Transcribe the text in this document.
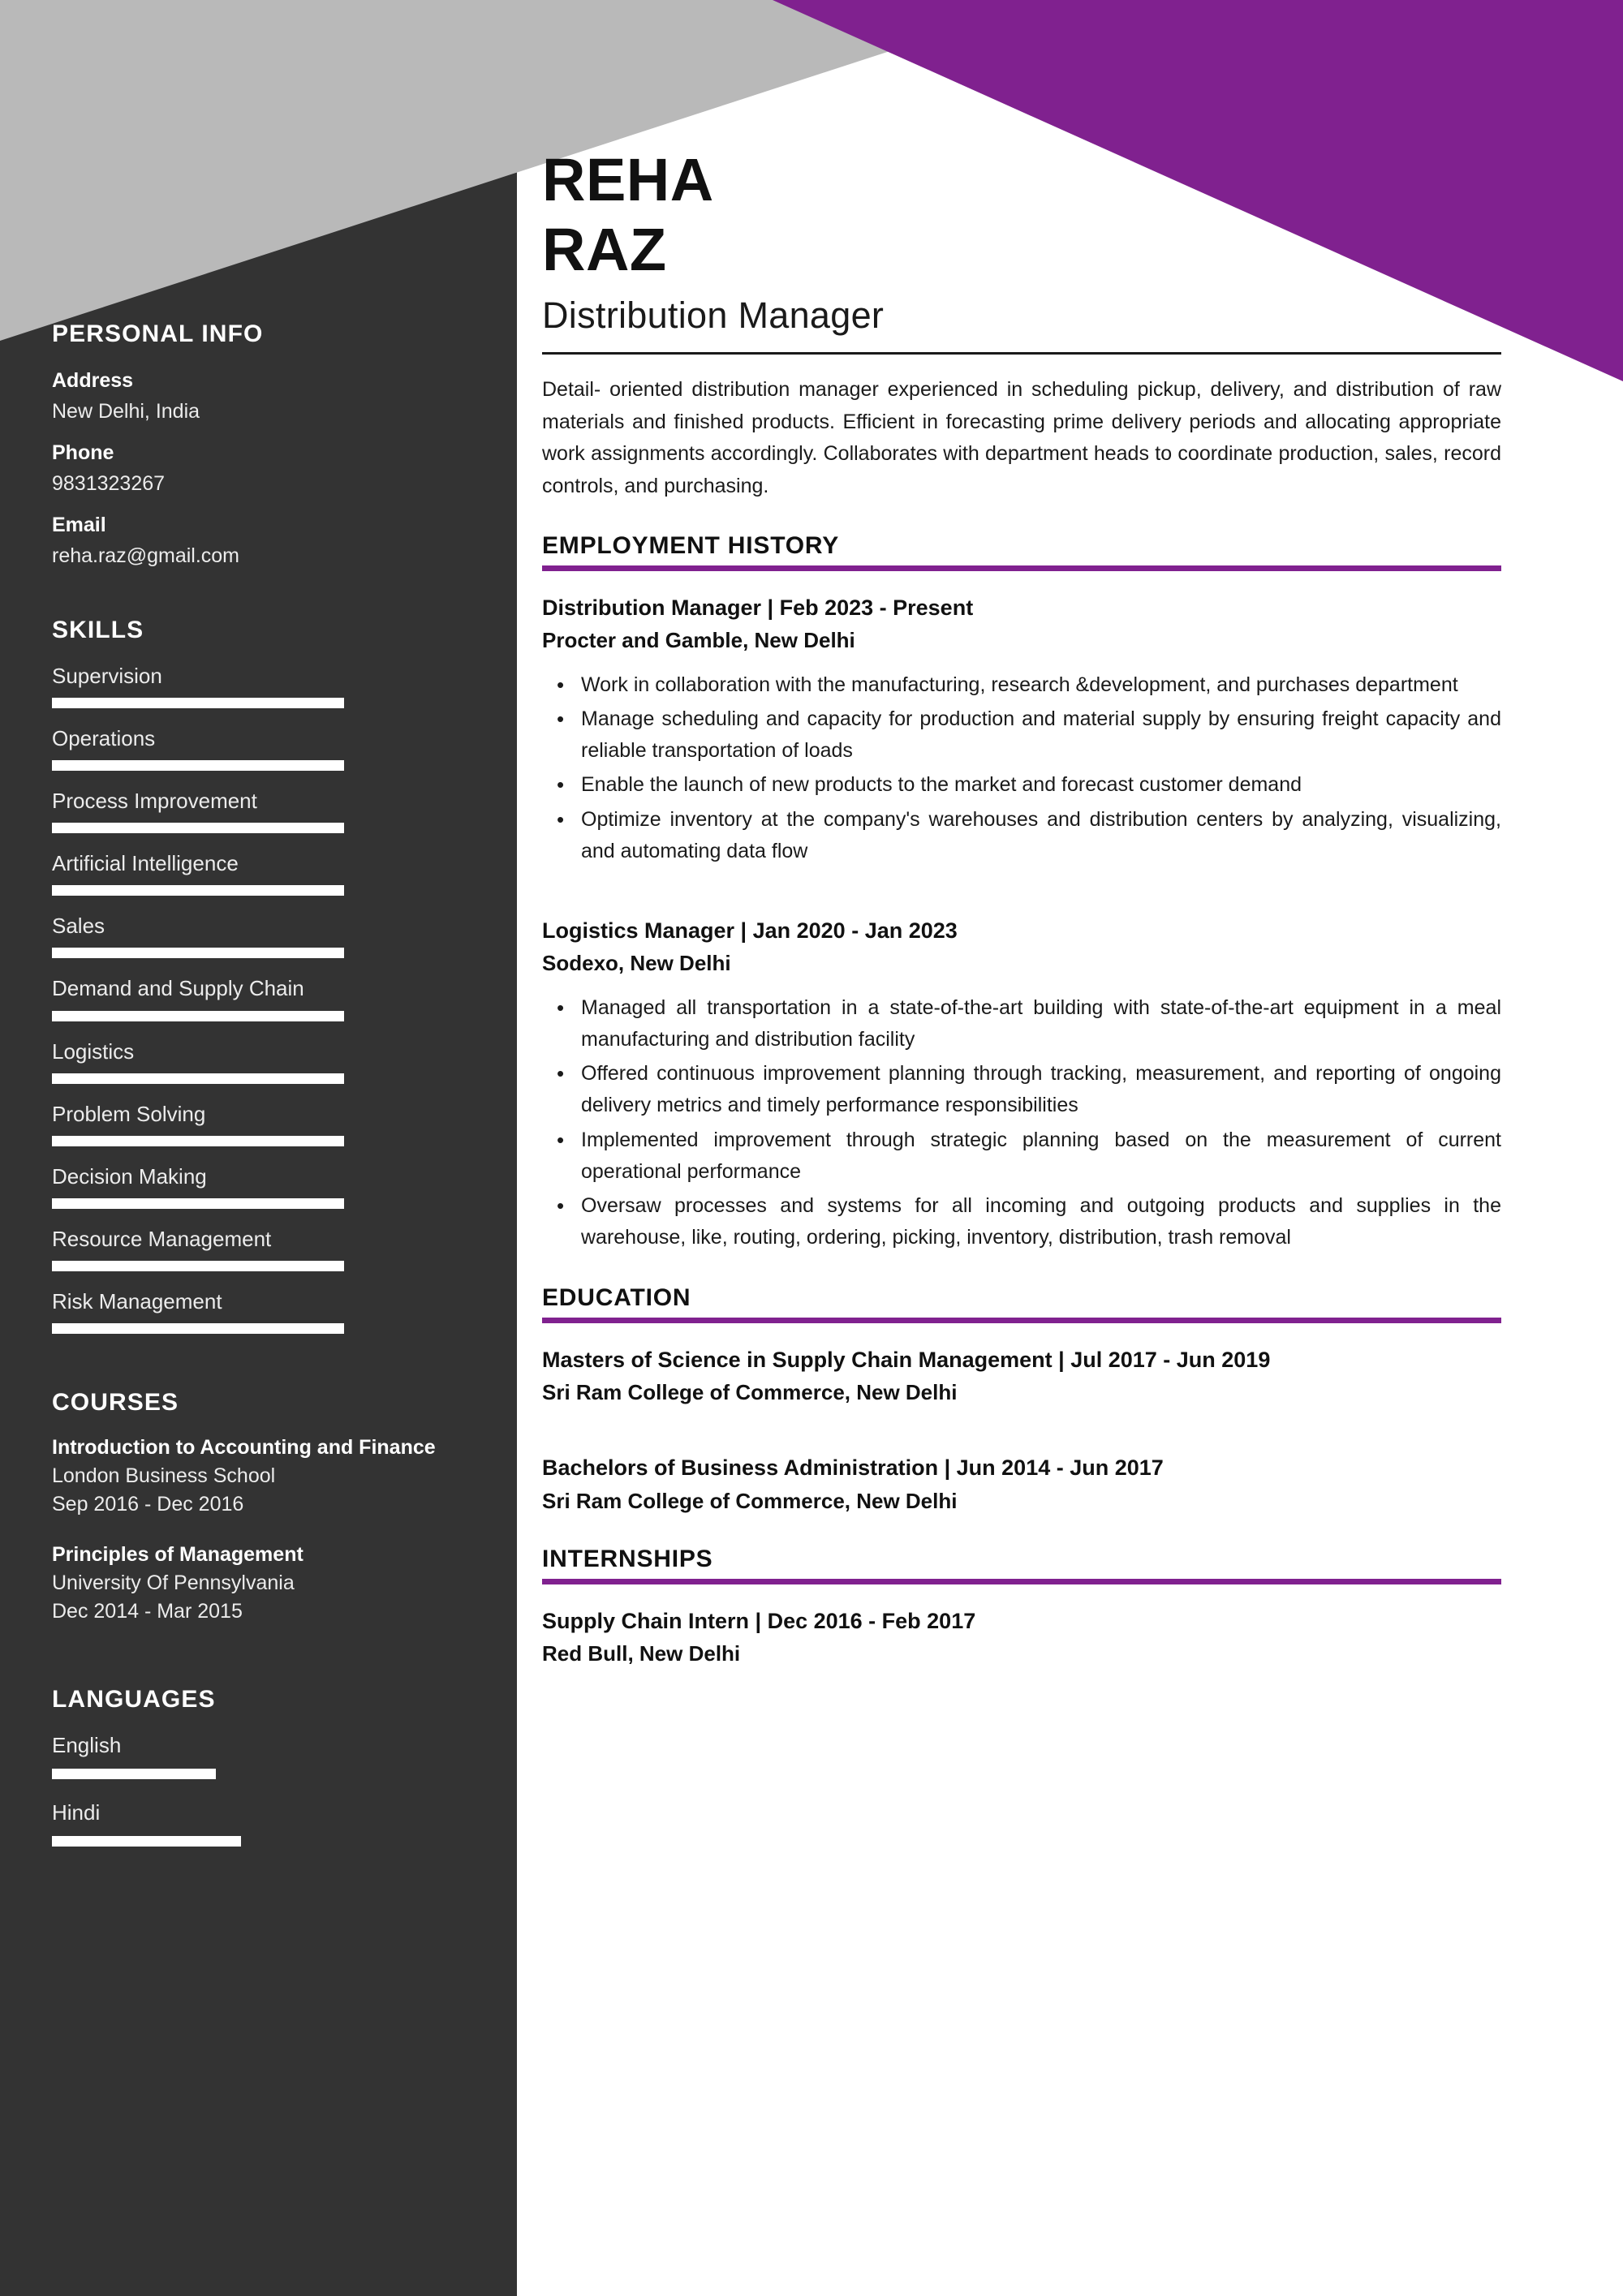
PERSONAL INFO
Address
New Delhi, India
Phone
9831323267
Email
reha.raz@gmail.com
SKILLS
Supervision
Operations
Process Improvement
Artificial Intelligence
Sales
Demand and Supply Chain
Logistics
Problem Solving
Decision Making
Resource Management
Risk Management
COURSES
Introduction to Accounting and Finance
London Business School
Sep 2016 - Dec 2016
Principles of Management
University Of Pennsylvania
Dec 2014 - Mar 2015
LANGUAGES
English
Hindi
REHA
RAZ
Distribution Manager
Detail- oriented distribution manager experienced in scheduling pickup, delivery, and distribution of raw materials and finished products. Efficient in forecasting prime delivery periods and allocating appropriate work assignments accordingly. Collaborates with department heads to coordinate production, sales, record controls, and purchasing.
EMPLOYMENT HISTORY
Distribution Manager | Feb 2023 - Present
Procter and Gamble, New Delhi
• Work in collaboration with the manufacturing, research &development, and purchases department
• Manage scheduling and capacity for production and material supply by ensuring freight capacity and reliable transportation of loads
• Enable the launch of new products to the market and forecast customer demand
• Optimize inventory at the company's warehouses and distribution centers by analyzing, visualizing, and automating data flow
Logistics Manager | Jan 2020 - Jan 2023
Sodexo, New Delhi
• Managed all transportation in a state-of-the-art building with state-of-the-art equipment in a meal manufacturing and distribution facility
• Offered continuous improvement planning through tracking, measurement, and reporting of ongoing delivery metrics and timely performance responsibilities
• Implemented improvement through strategic planning based on the measurement of current operational performance
• Oversaw processes and systems for all incoming and outgoing products and supplies in the warehouse, like, routing, ordering, picking, inventory, distribution, trash removal
EDUCATION
Masters of Science in Supply Chain Management | Jul 2017 - Jun 2019
Sri Ram College of Commerce, New Delhi
Bachelors of Business Administration | Jun 2014 - Jun 2017
Sri Ram College of Commerce, New Delhi
INTERNSHIPS
Supply Chain Intern | Dec 2016 - Feb 2017
Red Bull, New Delhi
